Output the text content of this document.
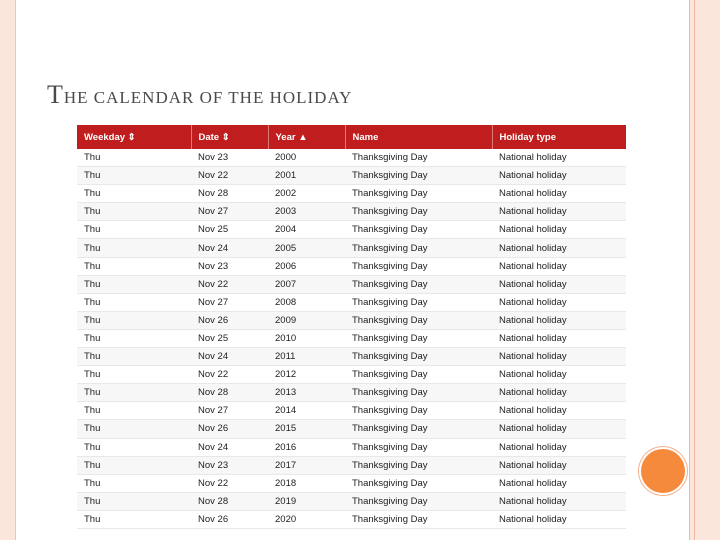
THE CALENDAR OF THE HOLIDAY
Weekday ⇕	Date ⇕	Year ▲	Name	Holiday type
Thu	Nov 23	2000	Thanksgiving Day	National holiday
Thu	Nov 22	2001	Thanksgiving Day	National holiday
Thu	Nov 28	2002	Thanksgiving Day	National holiday
Thu	Nov 27	2003	Thanksgiving Day	National holiday
Thu	Nov 25	2004	Thanksgiving Day	National holiday
Thu	Nov 24	2005	Thanksgiving Day	National holiday
Thu	Nov 23	2006	Thanksgiving Day	National holiday
Thu	Nov 22	2007	Thanksgiving Day	National holiday
Thu	Nov 27	2008	Thanksgiving Day	National holiday
Thu	Nov 26	2009	Thanksgiving Day	National holiday
Thu	Nov 25	2010	Thanksgiving Day	National holiday
Thu	Nov 24	2011	Thanksgiving Day	National holiday
Thu	Nov 22	2012	Thanksgiving Day	National holiday
Thu	Nov 28	2013	Thanksgiving Day	National holiday
Thu	Nov 27	2014	Thanksgiving Day	National holiday
Thu	Nov 26	2015	Thanksgiving Day	National holiday
Thu	Nov 24	2016	Thanksgiving Day	National holiday
Thu	Nov 23	2017	Thanksgiving Day	National holiday
Thu	Nov 22	2018	Thanksgiving Day	National holiday
Thu	Nov 28	2019	Thanksgiving Day	National holiday
Thu	Nov 26	2020	Thanksgiving Day	National holiday
